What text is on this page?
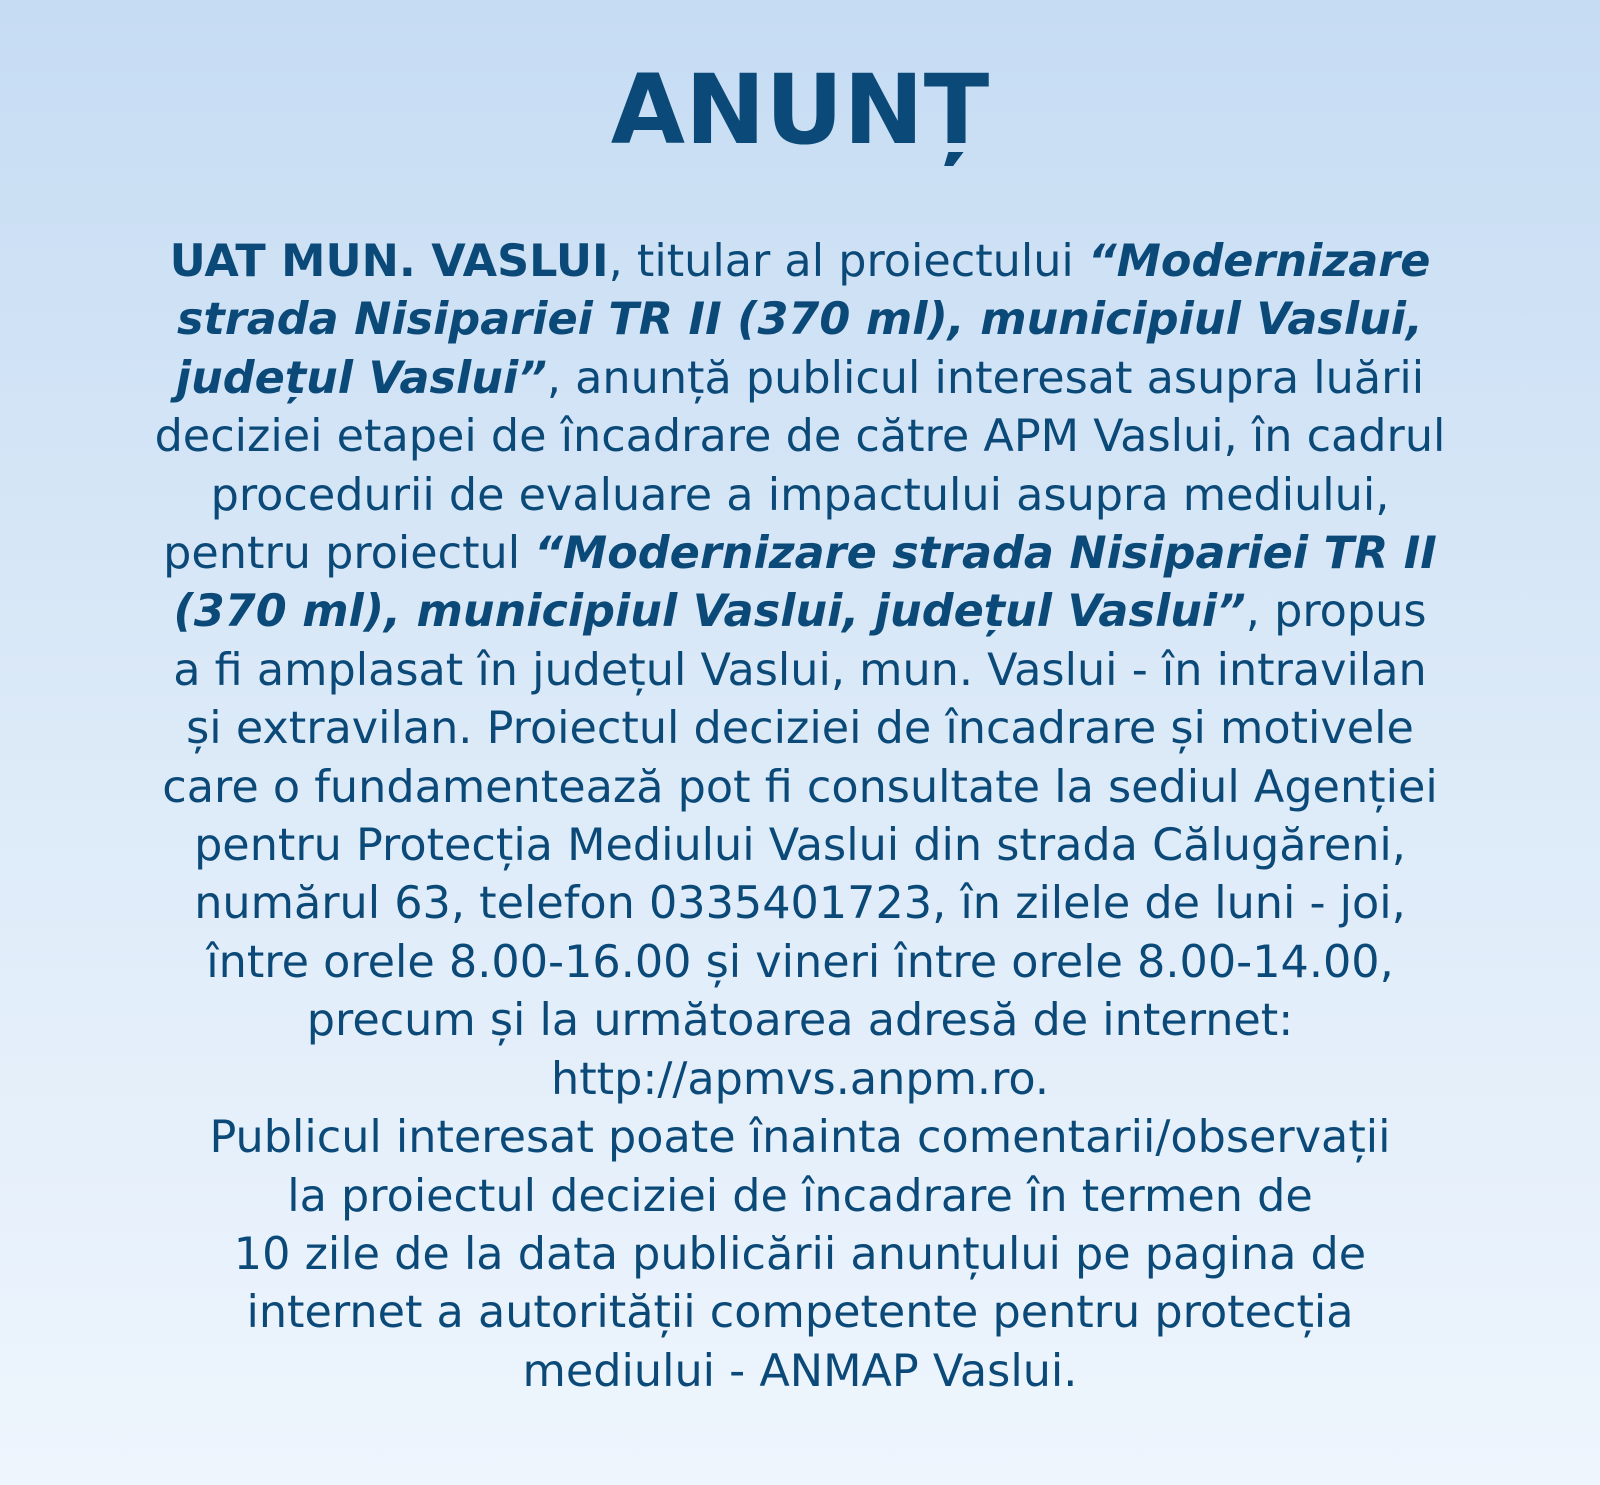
ANUNȚ
UAT MUN. VASLUI, titular al proiectului “Modernizare
strada Nisipariei TR II (370 ml), municipiul Vaslui,
județul Vaslui”, anunță publicul interesat asupra luării
deciziei etapei de încadrare de către APM Vaslui, în cadrul
procedurii de evaluare a impactului asupra mediului,
pentru proiectul “Modernizare strada Nisipariei TR II
(370 ml), municipiul Vaslui, județul Vaslui”, propus
a fi amplasat în județul Vaslui, mun. Vaslui - în intravilan
și extravilan. Proiectul deciziei de încadrare și motivele
care o fundamentează pot fi consultate la sediul Agenției
pentru Protecția Mediului Vaslui din strada Călugăreni,
numărul 63, telefon 0335401723, în zilele de luni - joi,
între orele 8.00-16.00 și vineri între orele 8.00-14.00,
precum și la următoarea adresă de internet:
http://apmvs.anpm.ro.
Publicul interesat poate înainta comentarii/observații
la proiectul deciziei de încadrare în termen de
10 zile de la data publicării anunțului pe pagina de
internet a autorității competente pentru protecția
mediului - ANMAP Vaslui.
